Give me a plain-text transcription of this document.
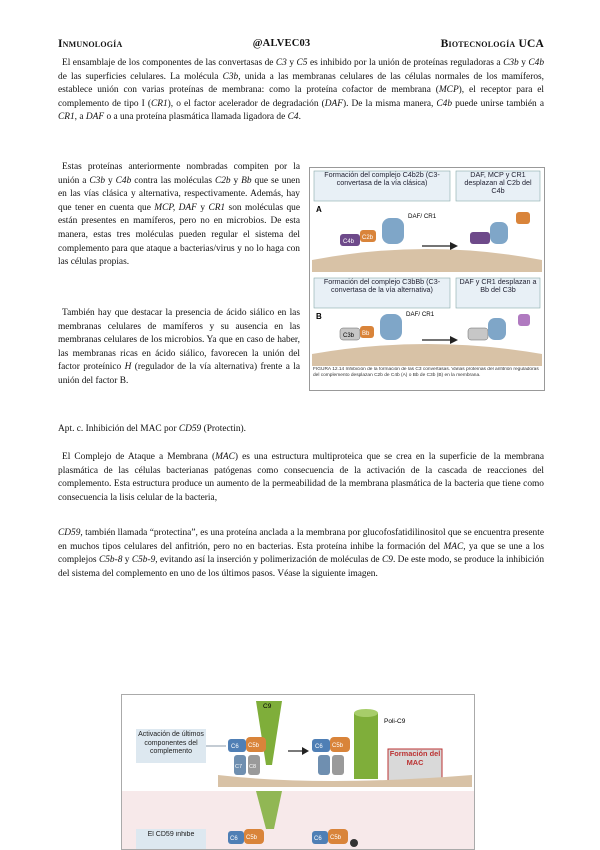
Inmunología	@ALVEC03	Biotecnología UCA

El ensamblaje de los componentes de las convertasas de C3 y C5 es inhibido por la unión de proteínas reguladoras a C3b y C4b de las superficies celulares. La molécula C3b, unida a las membranas celulares de las células normales de los mamíferos, establece unión con varias proteínas de membrana: como la proteína cofactor de membrana (MCP), el receptor para el complemento de tipo I (CR1), o el factor acelerador de degradación (DAF). De la misma manera, C4b puede unirse también a CR1, a DAF o a una proteína plasmática llamada ligadora de C4.

Estas proteínas anteriormente nombradas compiten por la unión a C3b y C4b contra las moléculas C2b y Bb que se unen en las vías clásica y alternativa, respectivamente. Además, hay que tener en cuenta que MCP, DAF y CR1 son moléculas que están presentes en mamíferos, pero no en microbios. De esta manera, estas tres moléculas pueden regular el sistema del complemento para que ataque a bacterias/virus y no lo haga con las células propias.

También hay que destacar la presencia de ácido siálico en las membranas celulares de mamíferos y su ausencia en las membranas celulares de los microbios. Ya que en caso de haber, las membranas ricas en ácido siálico, favorecen la unión del factor proteínico H (regulador de la vía alternativa) frente a la unión del factor B.

Apt. c. Inhibición del MAC por CD59 (Protectin).

El Complejo de Ataque a Membrana (MAC) es una estructura multiproteica que se crea en la superficie de la membrana plasmática de las células bacterianas patógenas como consecuencia de la activación de la cascada de reacciones del complemento. Esta estructura produce un aumento de la permeabilidad de la membrana plasmática de la bacteria que tiene como consecuencia la lisis celular de la bacteria,

CD59, también llamada “protectina”, es una proteína anclada a la membrana por glucofosfatidilinositol que se encuentra presente en muchos tipos celulares del anfitrión, pero no en bacterias. Esta proteína inhibe la formación del MAC, ya que se une a los complejos C5b-8 y C5b-9, evitando así la inserción y polimerización de moléculas de C9. De este modo, se produce la inhibición del sistema del complemento en uno de los últimos pasos. Véase la siguiente imagen.

Formación del complejo C4b2b (C3-convertasa de la vía clásica)
DAF, MCP y CR1 desplazan al C2b del C4b
A
C4b
C2b
DAF/ CR1
Formación del complejo C3bBb (C3-convertasa de la vía alternativa)
DAF y CR1 desplazan a Bb del C3b
B
C3b Bb
DAF/ CR1
FIGURA 12.14 Inhibición de la formación de las C3 convertasas. Varias proteínas del anfitrión reguladoras del complemento desplazan C2b de C4b (A) o Bb de C3b (B) en la membrana.
Activación de últimos componentes del complemento
El CD59 inhibe
C9
C6 C5b
C7 C8
C6 C5b
Poli-C9
Formación del MAC
C6 C5b	C6 C5b
